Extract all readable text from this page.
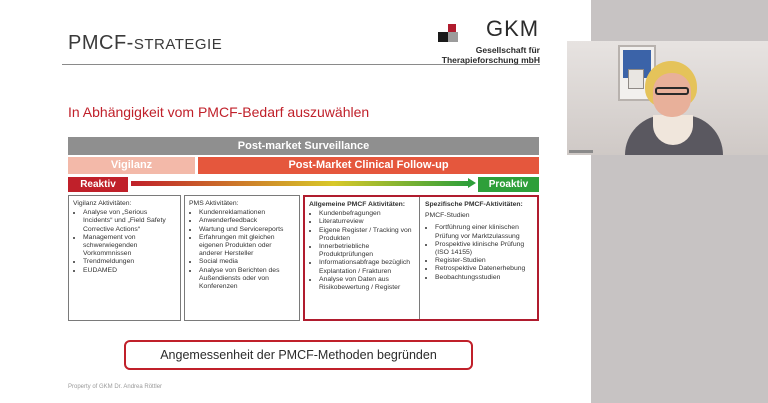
PMCF-STRATEGIE
GKM
Gesellschaft für
Therapieforschung mbH
In Abhängigkeit vom PMCF-Bedarf auszuwählen
Post-market Surveillance
Vigilanz	Post-Market Clinical Follow-up
Reaktiv	Proaktiv
Vigilanz Aktivitäten:
• Analyse von „Serious Incidents“ und „Field Safety Corrective Actions“
• Management von schwerwiegenden Vorkommnissen
• Trendmeldungen
• EUDAMED
PMS Aktivitäten:
• Kundenreklamationen
• Anwenderfeedback
• Wartung und Servicereports
• Erfahrungen mit gleichen eigenen Produkten oder anderer Hersteller
• Social media
• Analyse von Berichten des Außendiensts oder von Konferenzen
Allgemeine PMCF Aktivitäten:
• Kundenbefragungen
• Literaturreview
• Eigene Register / Tracking von Produkten
• Innerbetriebliche Produktprüfungen
• Informationsabfrage bezüglich Explantation / Frakturen
• Analyse von Daten aus Risikobewertung / Register
Spezifische PMCF-Aktivitäten:
PMCF-Studien
• Fortführung einer klinischen Prüfung vor Marktzulassung
• Prospektive klinische Prüfung (ISO 14155)
• Register-Studien
• Retrospektive Datenerhebung
• Beobachtungsstudien
Angemessenheit der PMCF-Methoden begründen
Property of GKM Dr. Andrea Röttler
